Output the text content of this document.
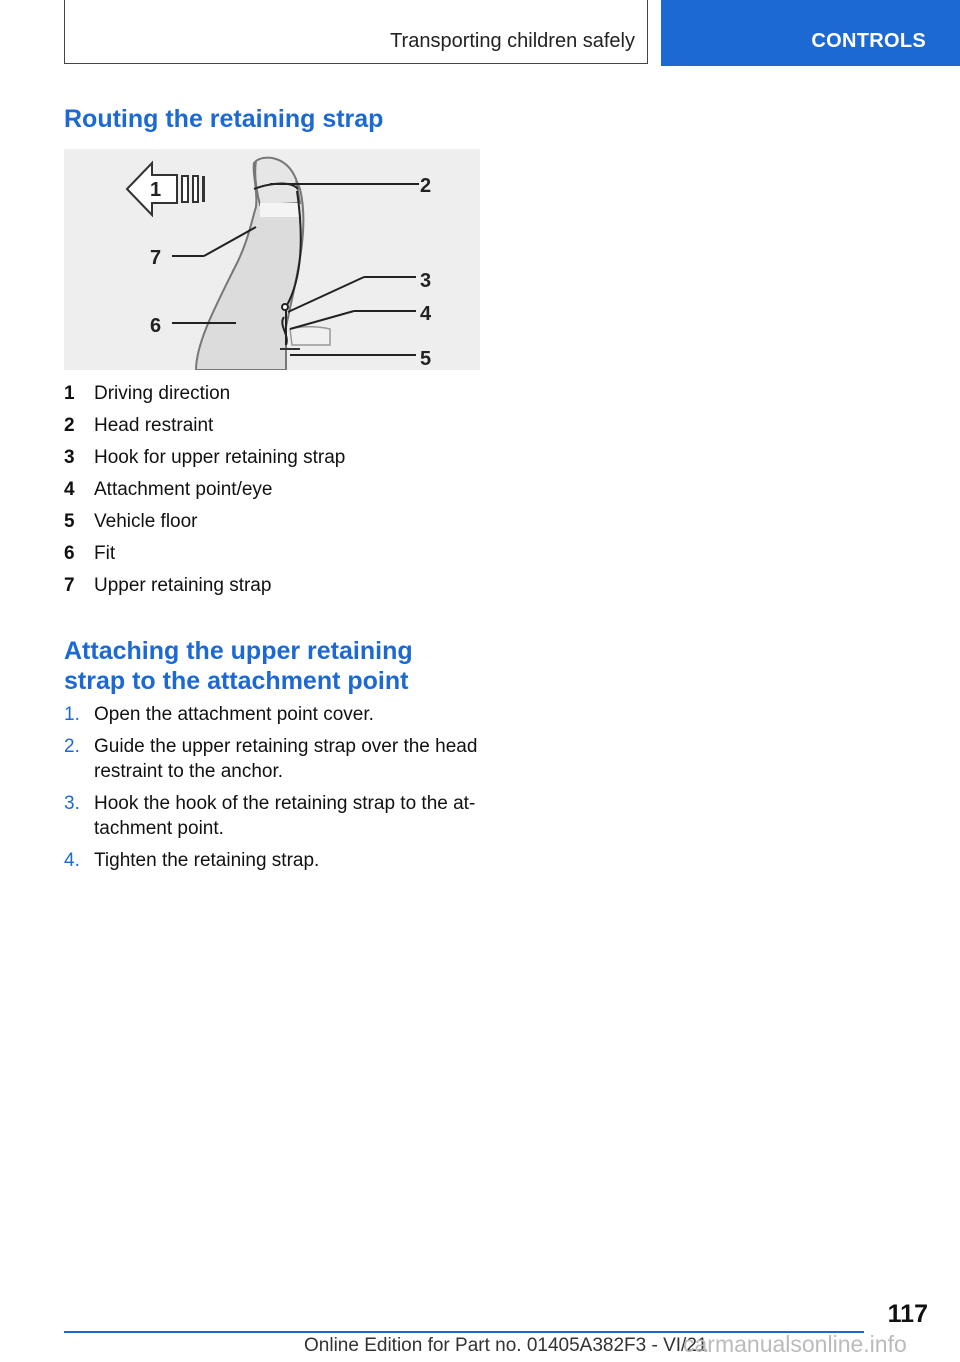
Transporting children safely	CONTROLS
Routing the retaining strap
1	2
3
4
5
6
7
1	Driving direction
2	Head restraint
3	Hook for upper retaining strap
4	Attachment point/eye
5	Vehicle floor
6	Fit
7	Upper retaining strap
Attaching the upper retaining
strap to the attachment point
1. Open the attachment point cover.
2. Guide the upper retaining strap over the head restraint to the anchor.
3. Hook the hook of the retaining strap to the at‐ tachment point.
4. Tighten the retaining strap.
117
Online Edition for Part no. 01405A382F3 - VI/21
carmanualsonline.info
